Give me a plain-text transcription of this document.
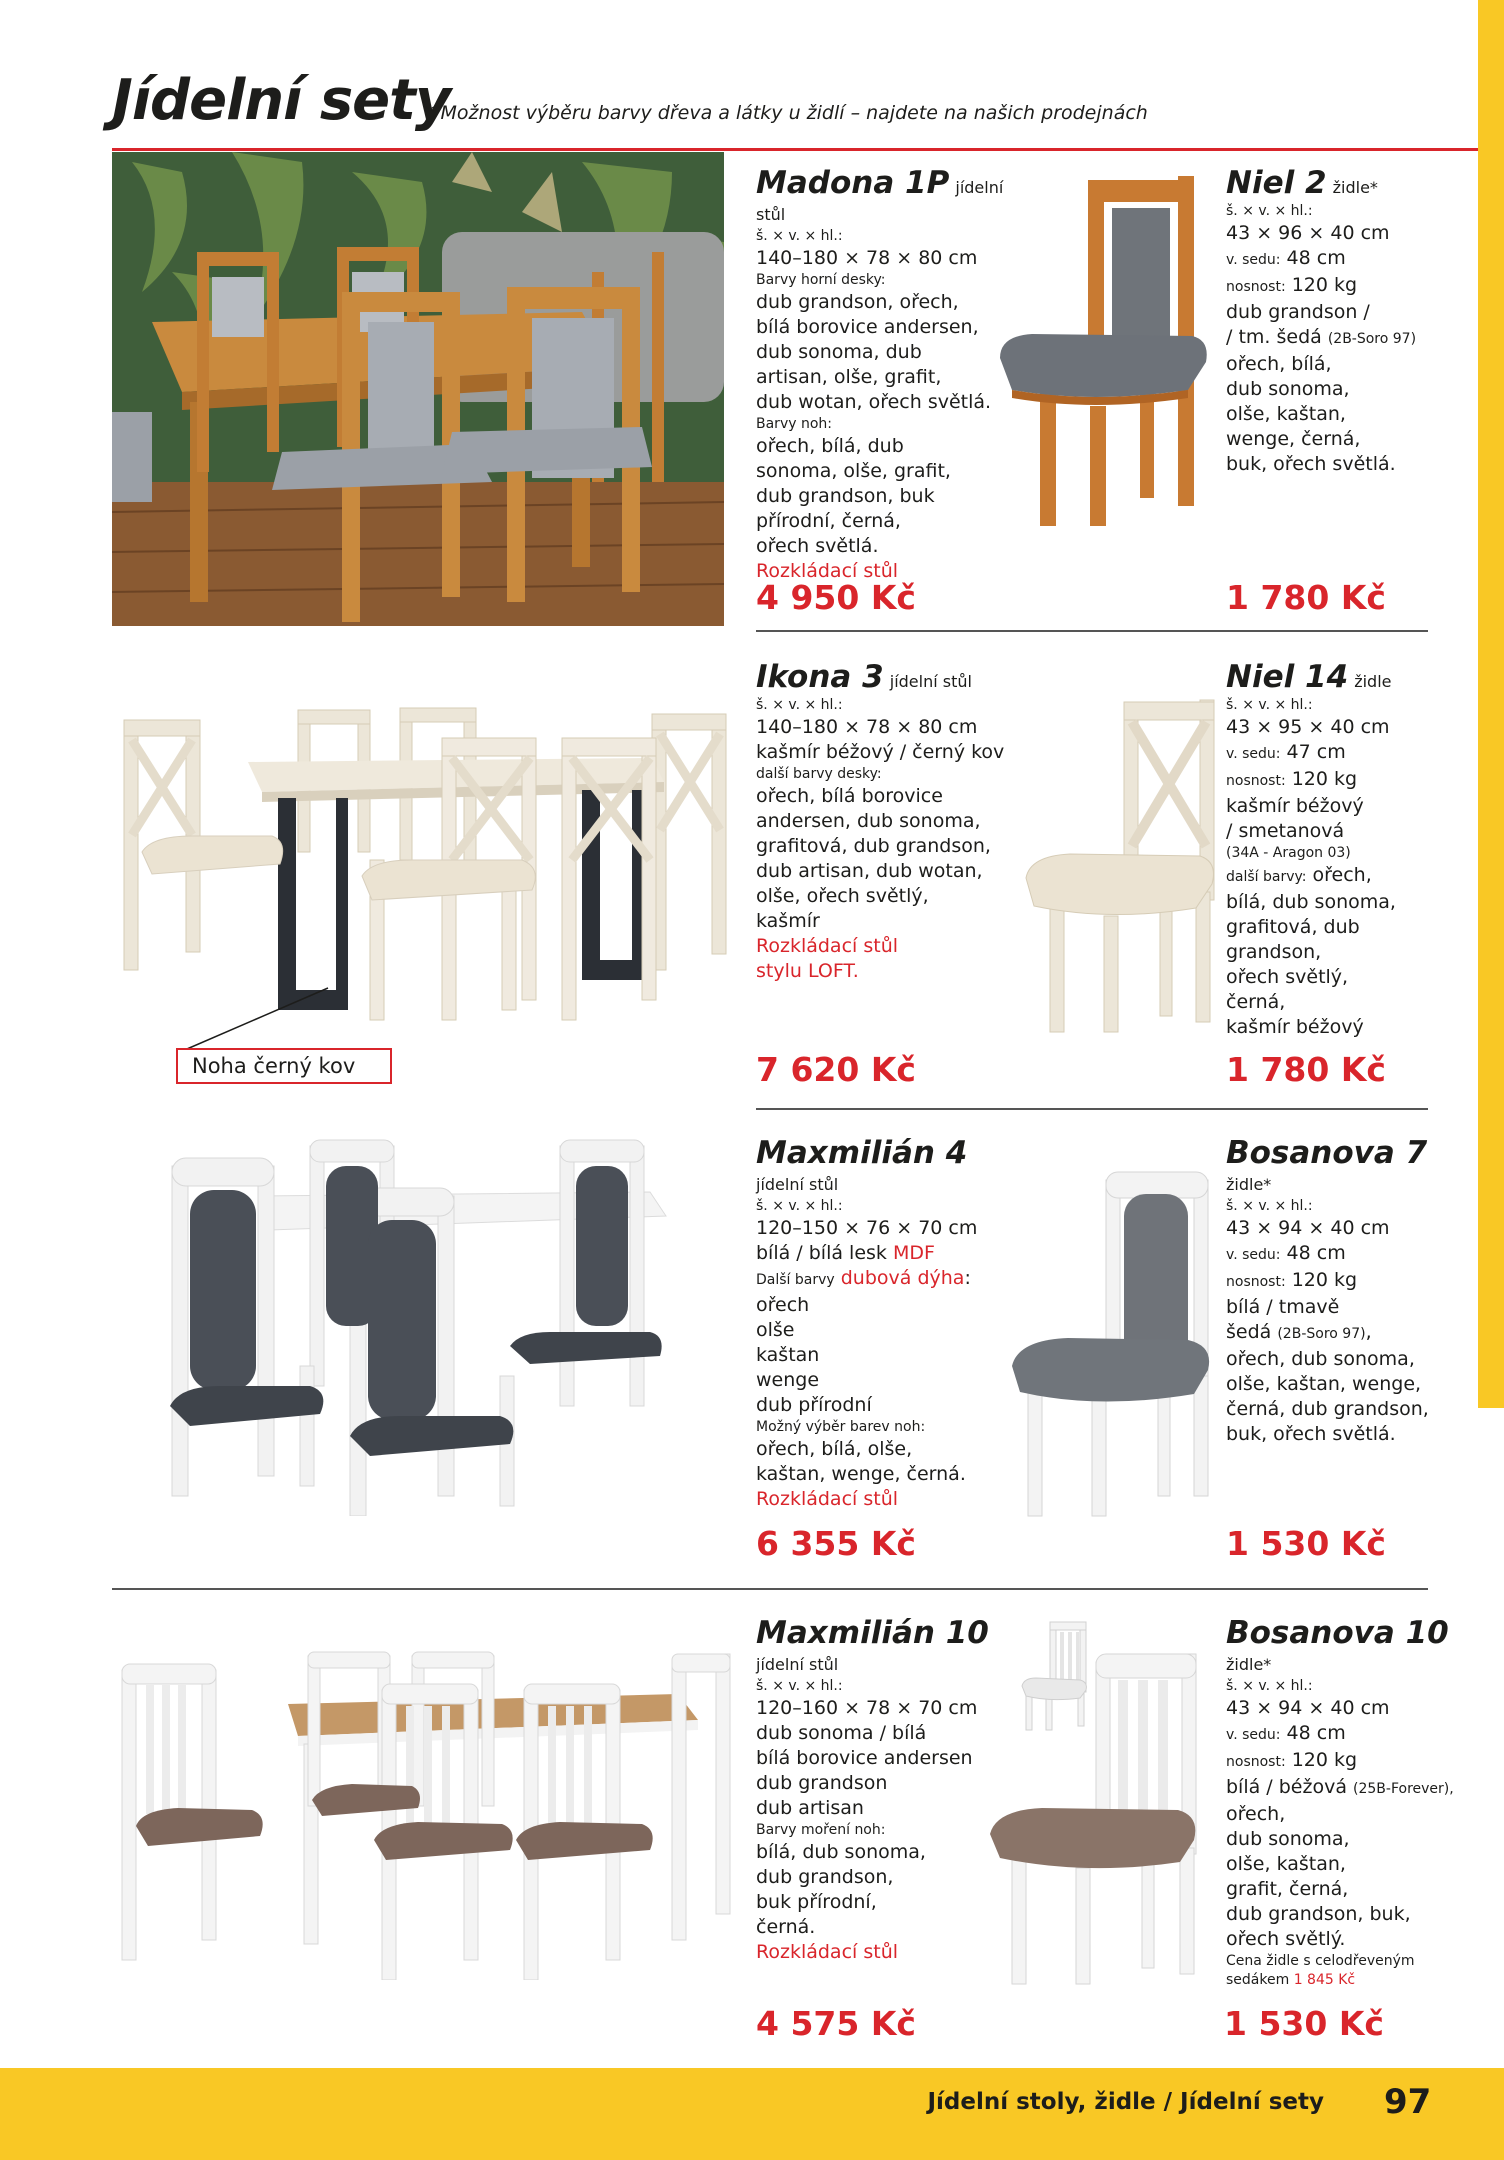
Jídelní sety
* Možnost výběru barvy dřeva a látky u židlí – najdete na našich prodejnách
Madona 1P jídelní stůl
š. × v. × hl.:
140–180 × 78 × 80 cm
Barvy horní desky:
dub grandson, ořech,
bílá borovice andersen,
dub sonoma, dub
artisan, olše, grafit,
dub wotan, ořech světlá.
Barvy noh:
ořech, bílá, dub
sonoma, olše, grafit,
dub grandson, buk
přírodní, černá,
ořech světlá.
Rozkládací stůl
4 950 Kč
Niel 2 židle*
š. × v. × hl.:
43 × 96 × 40 cm
v. sedu: 48 cm
nosnost: 120 kg
dub grandson /
/ tm. šedá (2B-Soro 97)
ořech, bílá,
dub sonoma,
olše, kaštan,
wenge, černá,
buk, ořech světlá.
1 780 Kč
Noha černý kov
Ikona 3 jídelní stůl
š. × v. × hl.:
140–180 × 78 × 80 cm
kašmír béžový / černý kov
další barvy desky:
ořech, bílá borovice
andersen, dub sonoma,
grafitová, dub grandson,
dub artisan, dub wotan,
olše, ořech světlý,
kašmír
Rozkládací stůl
stylu LOFT.
7 620 Kč
Niel 14 židle
š. × v. × hl.:
43 × 95 × 40 cm
v. sedu: 47 cm
nosnost: 120 kg
kašmír béžový
/ smetanová
(34A - Aragon 03)
další barvy: ořech,
bílá, dub sonoma,
grafitová, dub
grandson,
ořech světlý,
černá,
kašmír béžový
1 780 Kč
Maxmilián 4 jídelní stůl
š. × v. × hl.:
120–150 × 76 × 70 cm
bílá / bílá lesk MDF
Další barvy dubová dýha:
ořech
olše
kaštan
wenge
dub přírodní
Možný výběr barev noh:
ořech, bílá, olše,
kaštan, wenge, černá.
Rozkládací stůl
6 355 Kč
Bosanova 7 židle*
š. × v. × hl.:
43 × 94 × 40 cm
v. sedu: 48 cm
nosnost: 120 kg
bílá / tmavě
šedá (2B-Soro 97),
ořech, dub sonoma,
olše, kaštan, wenge,
černá, dub grandson,
buk, ořech světlá.
1 530 Kč
Maxmilián 10 jídelní stůl
š. × v. × hl.:
120–160 × 78 × 70 cm
dub sonoma / bílá
bílá borovice andersen
dub grandson
dub artisan
Barvy moření noh:
bílá, dub sonoma,
dub grandson,
buk přírodní,
černá.
Rozkládací stůl
4 575 Kč
Bosanova 10 židle*
š. × v. × hl.:
43 × 94 × 40 cm
v. sedu: 48 cm
nosnost: 120 kg
bílá / béžová (25B-Forever),
ořech,
dub sonoma,
olše, kaštan,
grafit, černá,
dub grandson, buk,
ořech světlý.
Cena židle s celodřeveným
sedákem 1 845 Kč
1 530 Kč
Jídelní stoly, židle / Jídelní sety 97
